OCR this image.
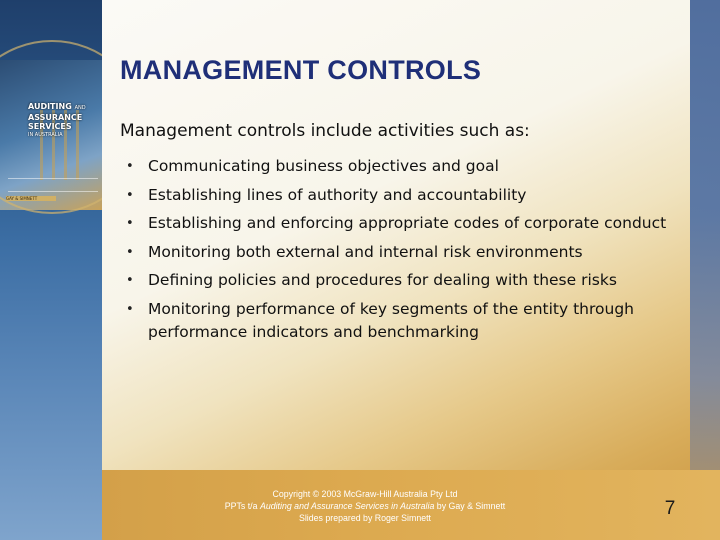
AUDITING AND
ASSURANCE
SERVICES
IN AUSTRALIA
GAY & SIMNETT
MANAGEMENT CONTROLS
Management controls include activities such as:
• Communicating business objectives and goal
• Establishing lines of authority and accountability
• Establishing and enforcing appropriate codes of corporate conduct
• Monitoring both external and internal risk environments
• Defining policies and procedures for dealing with these risks
• Monitoring performance of key segments of the entity through performance indicators and benchmarking
Copyright © 2003 McGraw-Hill Australia Pty Ltd
PPTs t/a Auditing and Assurance Services in Australia by Gay & Simnett
Slides prepared by Roger Simnett	7
